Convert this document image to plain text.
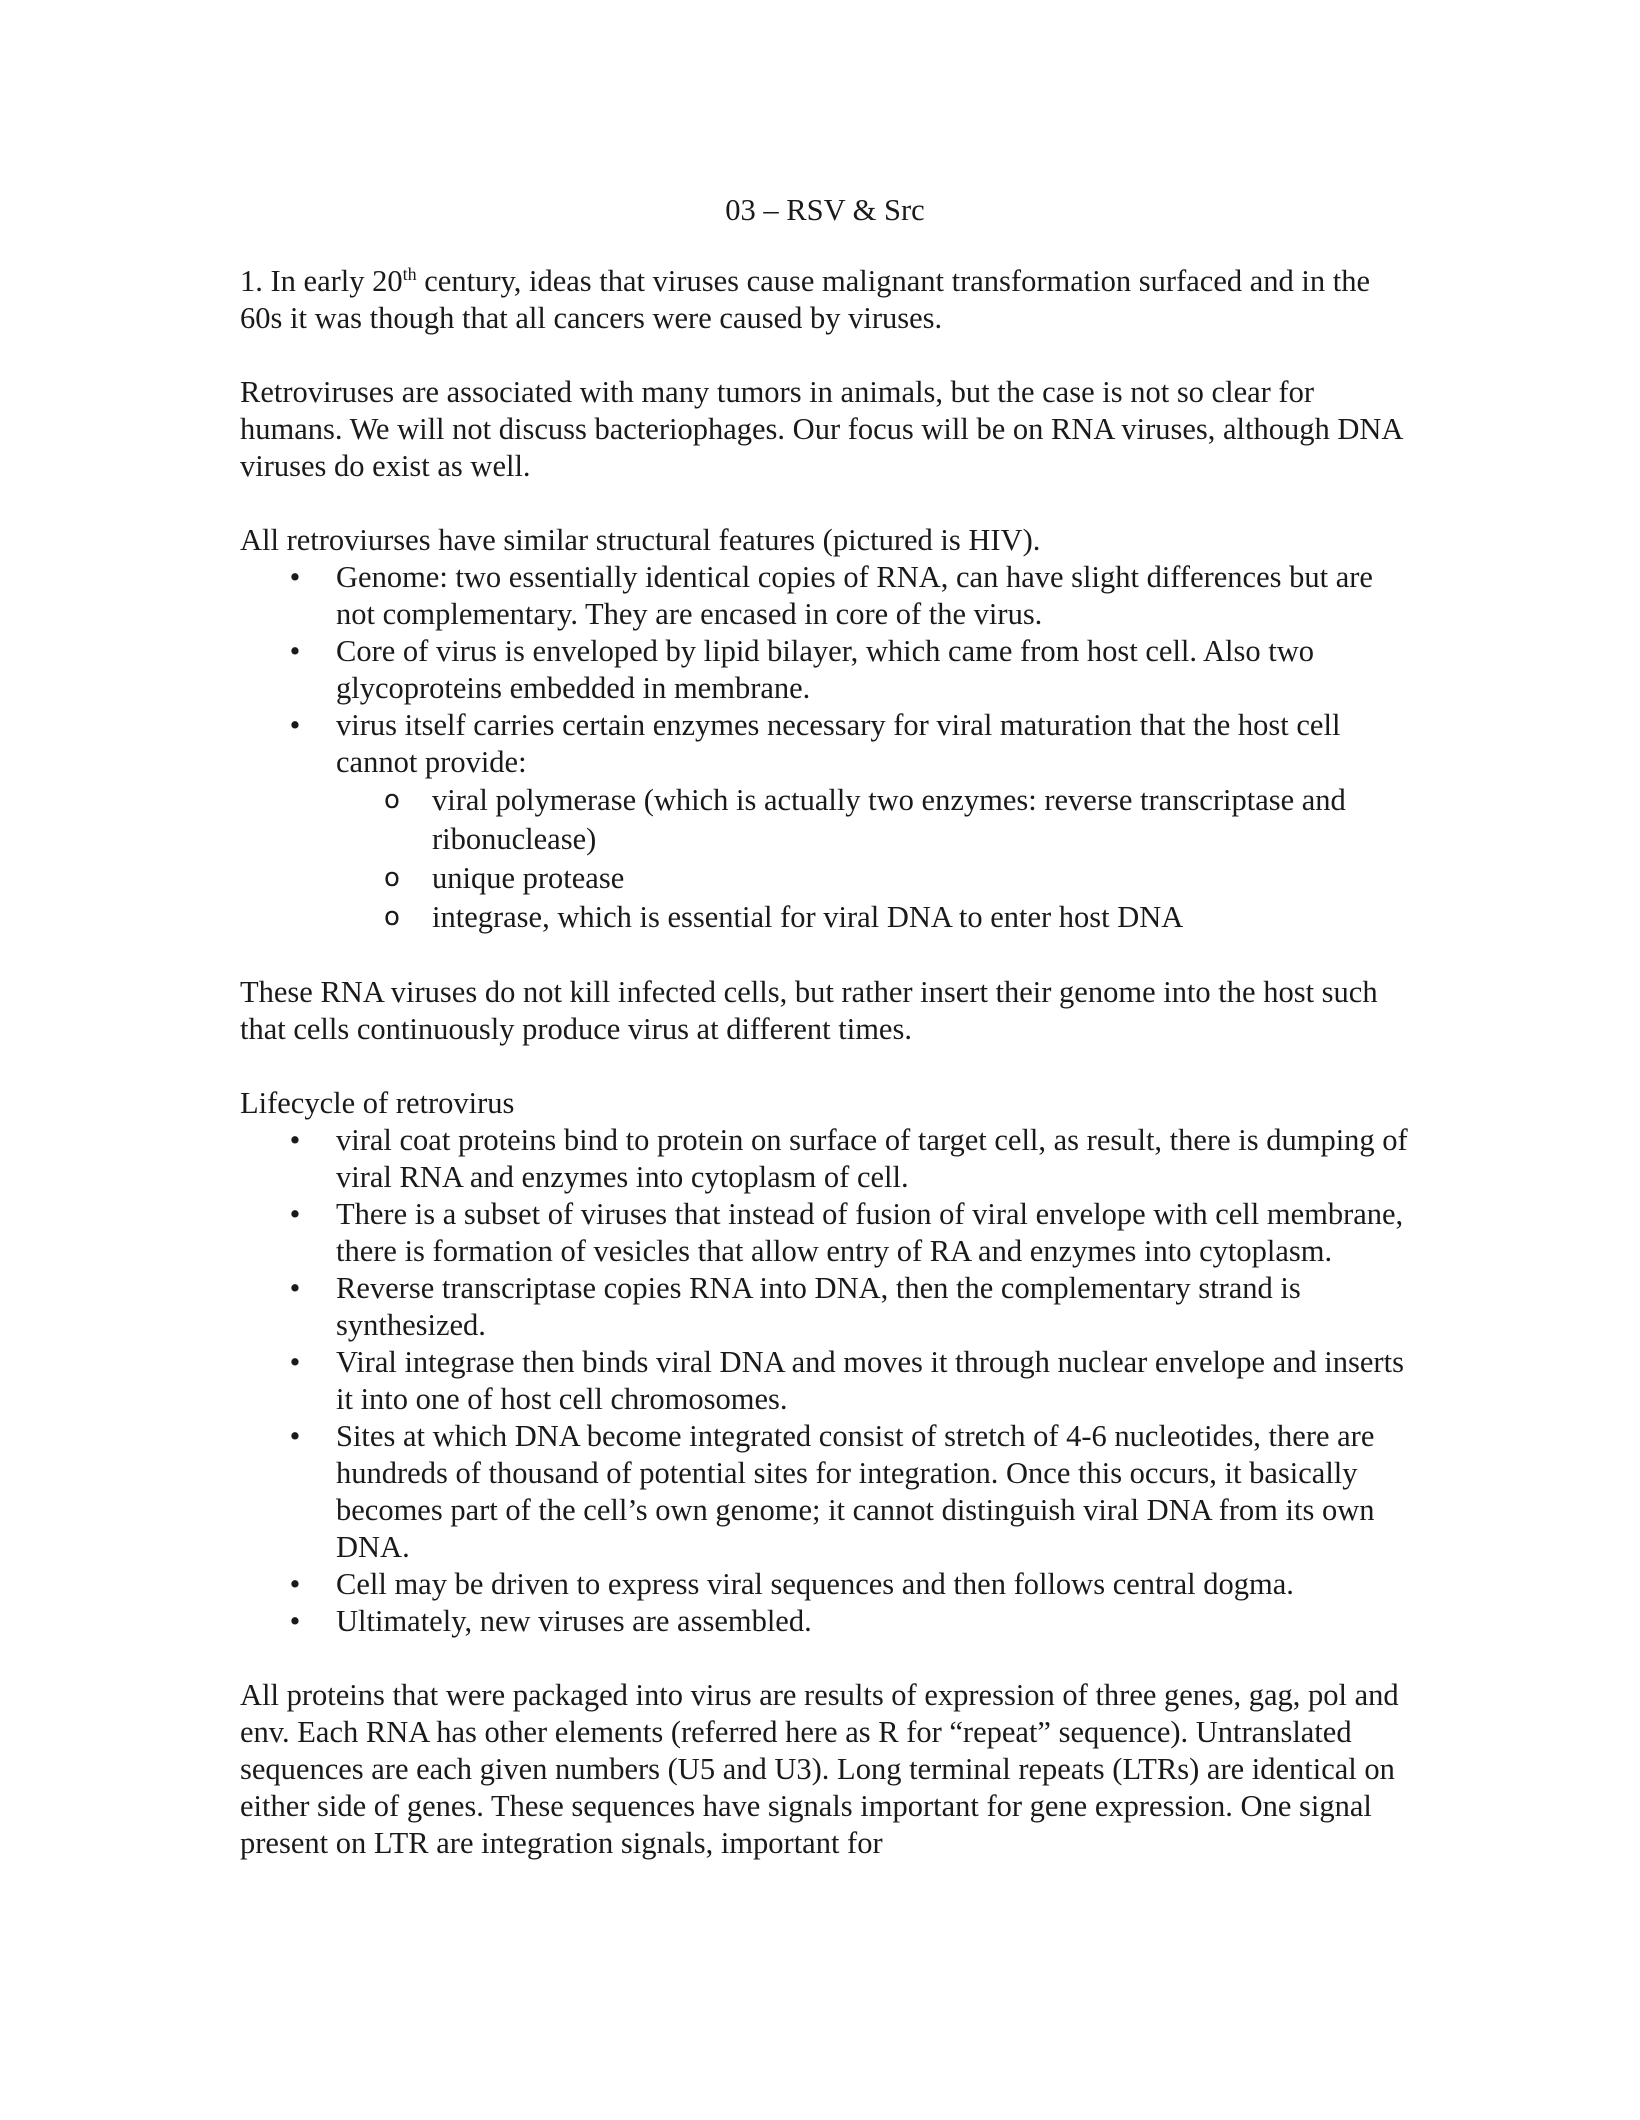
03 – RSV & Src

1. In early 20th century, ideas that viruses cause malignant transformation surfaced and in the 60s it was though that all cancers were caused by viruses.

Retroviruses are associated with many tumors in animals, but the case is not so clear for humans. We will not discuss bacteriophages. Our focus will be on RNA viruses, although DNA viruses do exist as well.

All retroviurses have similar structural features (pictured is HIV).

• Genome: two essentially identical copies of RNA, can have slight differences but are not complementary. They are encased in core of the virus.
• Core of virus is enveloped by lipid bilayer, which came from host cell. Also two glycoproteins embedded in membrane.
• virus itself carries certain enzymes necessary for viral maturation that the host cell cannot provide:
o viral polymerase (which is actually two enzymes: reverse transcriptase and ribonuclease)
o unique protease
o integrase, which is essential for viral DNA to enter host DNA

These RNA viruses do not kill infected cells, but rather insert their genome into the host such that cells continuously produce virus at different times.

Lifecycle of retrovirus

• viral coat proteins bind to protein on surface of target cell, as result, there is dumping of viral RNA and enzymes into cytoplasm of cell.
• There is a subset of viruses that instead of fusion of viral envelope with cell membrane, there is formation of vesicles that allow entry of RA and enzymes into cytoplasm.
• Reverse transcriptase copies RNA into DNA, then the complementary strand is synthesized.
• Viral integrase then binds viral DNA and moves it through nuclear envelope and inserts it into one of host cell chromosomes.
• Sites at which DNA become integrated consist of stretch of 4-6 nucleotides, there are hundreds of thousand of potential sites for integration. Once this occurs, it basically becomes part of the cell’s own genome; it cannot distinguish viral DNA from its own DNA.
• Cell may be driven to express viral sequences and then follows central dogma.
• Ultimately, new viruses are assembled.

All proteins that were packaged into virus are results of expression of three genes, gag, pol and env. Each RNA has other elements (referred here as R for “repeat” sequence). Untranslated sequences are each given numbers (U5 and U3). Long terminal repeats (LTRs) are identical on either side of genes. These sequences have signals important for gene expression. One signal present on LTR are integration signals, important for
